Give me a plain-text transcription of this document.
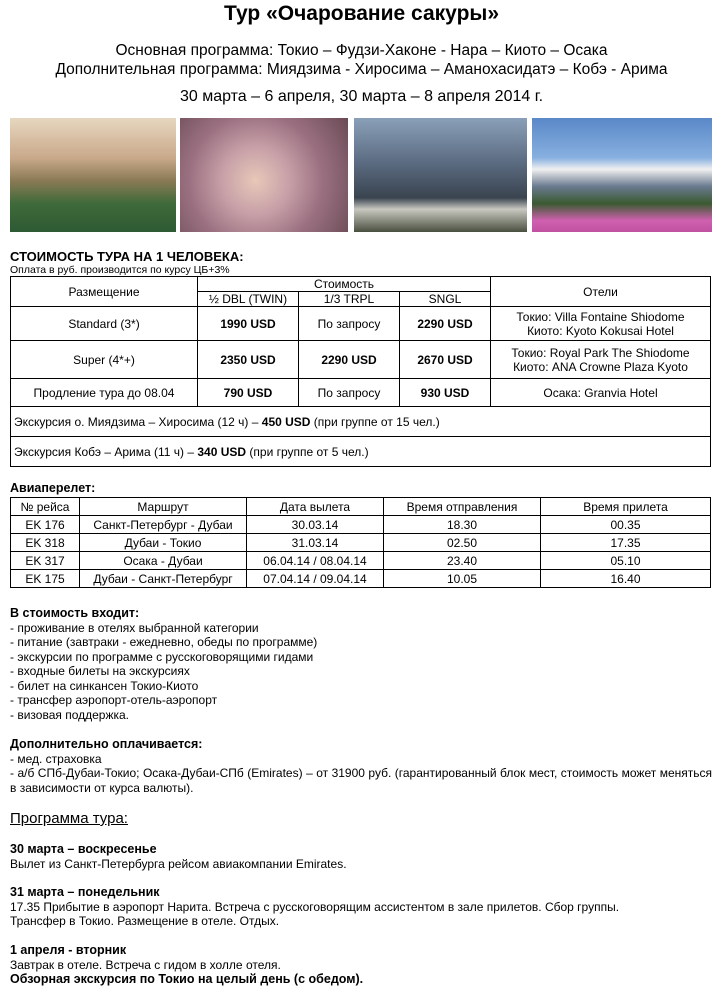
Тур «Очарование сакуры»
Основная программа: Токио – Фудзи-Хаконе - Нара – Киото – Осака
Дополнительная программа: Миядзима - Хиросима – Аманохасидатэ – Кобэ - Арима
30 марта – 6 апреля, 30 марта – 8 апреля 2014 г.
СТОИМОСТЬ ТУРА НА 1 ЧЕЛОВЕКА:
Оплата в руб. производится по курсу ЦБ+3%
Размещение	Стоимость			Отели
	½ DBL (TWIN)	1/3 TRPL	SNGL	
Standard (3*)	1990 USD	По запросу	2290 USD	Токио: Villa Fontaine Shiodome
Киото: Kyoto Kokusai Hotel

Super (4*+)	2350 USD	2290 USD	2670 USD	Токио: Royal Park The Shiodome
Киото: ANA Crowne Plaza Kyoto

Продление тура до 08.04	790 USD	По запросу	930 USD	Осака: Granvia Hotel
Экскурсия о. Миядзима – Хиросима (12 ч) – 450 USD (при группе от 15 чел.)				
Экскурсия Кобэ – Арима (11 ч) – 340 USD (при группе от 5 чел.)				
Авиаперелет:
№ рейса	Маршрут	Дата вылета	Время отправления	Время прилета
EK 176	Санкт-Петербург - Дубаи	30.03.14	18.30	00.35
EK 318	Дубаи - Токио	31.03.14	02.50	17.35
EK 317	Осака - Дубаи	06.04.14 / 08.04.14	23.40	05.10
EK 175	Дубаи - Санкт-Петербург	07.04.14 / 09.04.14	10.05	16.40
В стоимость входит:
- проживание в отелях выбранной категории
- питание (завтраки - ежедневно, обеды по программе)
- экскурсии по программе с русскоговорящими гидами
- входные билеты на экскурсиях
- билет на синкансен Токио-Киото
- трансфер аэропорт-отель-аэропорт
- визовая поддержка.
Дополнительно оплачивается:
- мед. страховка
- а/б СПб-Дубаи-Токио; Осака-Дубаи-СПб (Emirates) – от 31900 руб. (гарантированный блок мест, стоимость может меняться в зависимости от курса валюты).
Программа тура:
30 марта – воскресенье
Вылет из Санкт-Петербурга рейсом авиакомпании Emirates.
31 марта – понедельник
17.35 Прибытие в аэропорт Нарита. Встреча с русскоговорящим ассистентом в зале прилетов. Сбор группы.
Трансфер в Токио. Размещение в отеле. Отдых.
1 апреля - вторник
Завтрак в отеле. Встреча с гидом в холле отеля.
Обзорная экскурсия по Токио на целый день (с обедом).
